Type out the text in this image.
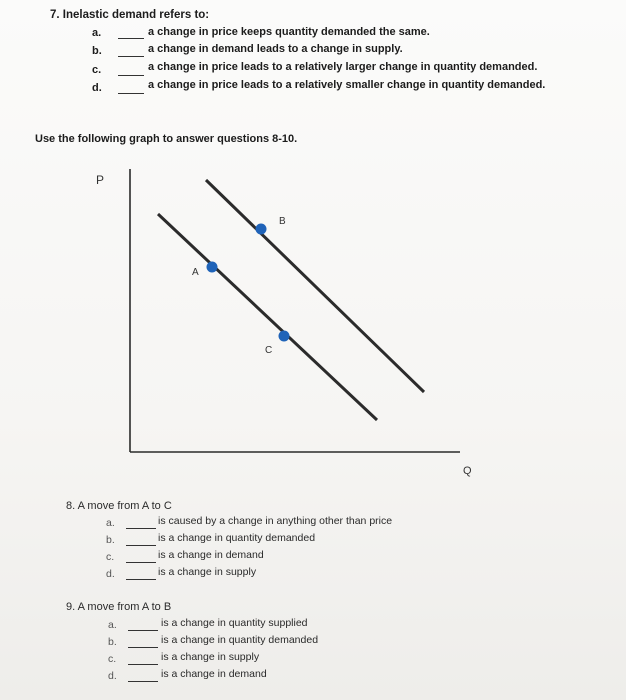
7. Inelastic demand refers to:
a.	a change in price keeps quantity demanded the same.
b.	a change in demand leads to a change in supply.
c.	a change in price leads to a relatively larger change in quantity demanded.
d.	a change in price leads to a relatively smaller change in quantity demanded.
Use the following graph to answer questions 8-10.
P
Q
A
B
C
8. A move from A to C
a.	is caused by a change in anything other than price
b.	is a change in quantity demanded
c.	is a change in demand
d.	is a change in supply
9. A move from A to B
a.	is a change in quantity supplied
b.	is a change in quantity demanded
c.	is a change in supply
d.	is a change in demand
